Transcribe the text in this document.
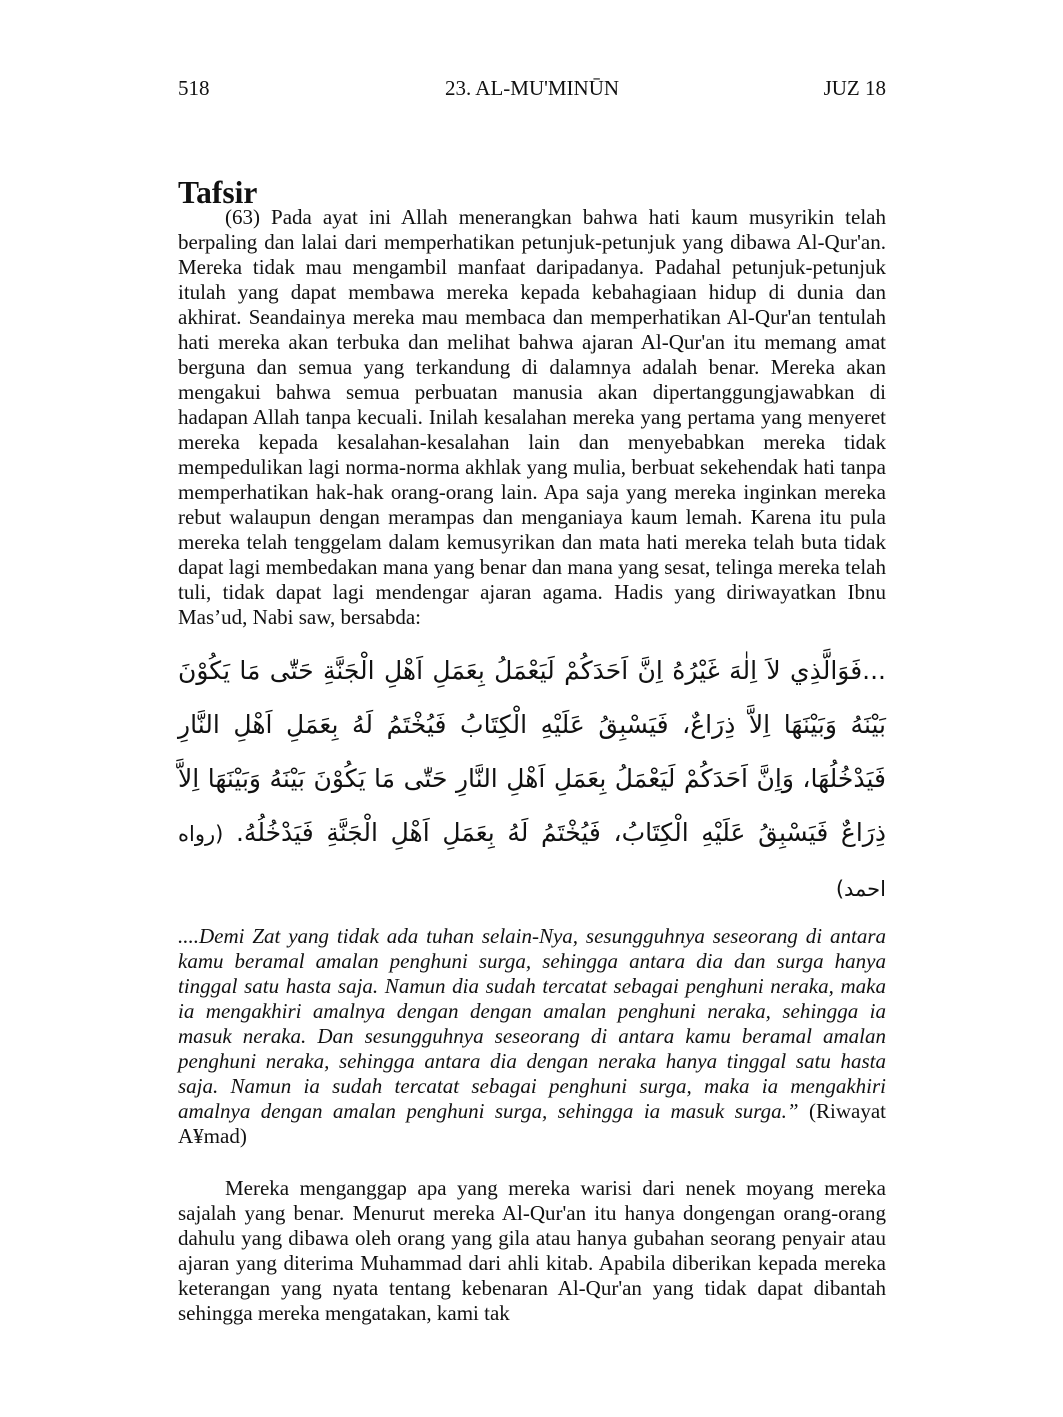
518	23. AL-MU'MINŪN	JUZ 18
Tafsir

(63) Pada ayat ini Allah menerangkan bahwa hati kaum musyrikin telah berpaling dan lalai dari memperhatikan petunjuk-petunjuk yang dibawa Al-Qur'an. Mereka tidak mau mengambil manfaat daripadanya. Padahal petunjuk-petunjuk itulah yang dapat membawa mereka kepada kebahagiaan hidup di dunia dan akhirat. Seandainya mereka mau membaca dan memperhatikan Al-Qur'an tentulah hati mereka akan terbuka dan melihat bahwa ajaran Al-Qur'an itu memang amat berguna dan semua yang terkandung di dalamnya adalah benar. Mereka akan mengakui bahwa semua perbuatan manusia akan dipertanggungjawabkan di hadapan Allah tanpa kecuali. Inilah kesalahan mereka yang pertama yang menyeret mereka kepada kesalahan-kesalahan lain dan menyebabkan mereka tidak mempedulikan lagi norma-norma akhlak yang mulia, berbuat sekehendak hati tanpa memperhatikan hak-hak orang-orang lain. Apa saja yang mereka inginkan mereka rebut walaupun dengan merampas dan menganiaya kaum lemah. Karena itu pula mereka telah tenggelam dalam kemusyrikan dan mata hati mereka telah buta tidak dapat lagi membedakan mana yang benar dan mana yang sesat, telinga mereka telah tuli, tidak dapat lagi mendengar ajaran agama. Hadis yang diriwayatkan Ibnu Mas’ud, Nabi saw, bersabda:

...فَوَالَّذِي لاَ اِلٰهَ غَيْرُهُ اِنَّ اَحَدَكُمْ لَيَعْمَلُ بِعَمَلِ اَهْلِ الْجَنَّةِ حَتّٰى مَا يَكُوْنَ بَيْنَهُ وَبَيْنَهَا اِلاَّ ذِرَاعٌ، فَيَسْبِقُ عَلَيْهِ الْكِتَابُ فَيُخْتَمُ لَهُ بِعَمَلِ اَهْلِ النَّارِ فَيَدْخُلُهَا، وَاِنَّ اَحَدَكُمْ لَيَعْمَلُ بِعَمَلِ اَهْلِ النَّارِ حَتّٰى مَا يَكُوْنَ بَيْنَهُ وَبَيْنَهَا اِلاَّ ذِرَاعٌ فَيَسْبِقُ عَلَيْهِ الْكِتَابُ، فَيُخْتَمُ لَهُ بِعَمَلِ اَهْلِ الْجَنَّةِ فَيَدْخُلُهُ. (رواه احمد)

....Demi Zat yang tidak ada tuhan selain-Nya, sesungguhnya seseorang di antara kamu beramal amalan penghuni surga, sehingga antara dia dan surga hanya tinggal satu hasta saja. Namun dia sudah tercatat sebagai penghuni neraka, maka ia mengakhiri amalnya dengan dengan amalan penghuni neraka, sehingga ia masuk neraka. Dan sesungguhnya seseorang di antara kamu beramal amalan penghuni neraka, sehingga antara dia dengan neraka hanya tinggal satu hasta saja. Namun ia sudah tercatat sebagai penghuni surga, maka ia mengakhiri amalnya dengan amalan penghuni surga, sehingga ia masuk surga.” (Riwayat A¥mad)

Mereka menganggap apa yang mereka warisi dari nenek moyang mereka sajalah yang benar. Menurut mereka Al-Qur'an itu hanya dongengan orang-orang dahulu yang dibawa oleh orang yang gila atau hanya gubahan seorang penyair atau ajaran yang diterima Muhammad dari ahli kitab. Apabila diberikan kepada mereka keterangan yang nyata tentang kebenaran Al-Qur'an yang tidak dapat dibantah sehingga mereka mengatakan, kami tak
